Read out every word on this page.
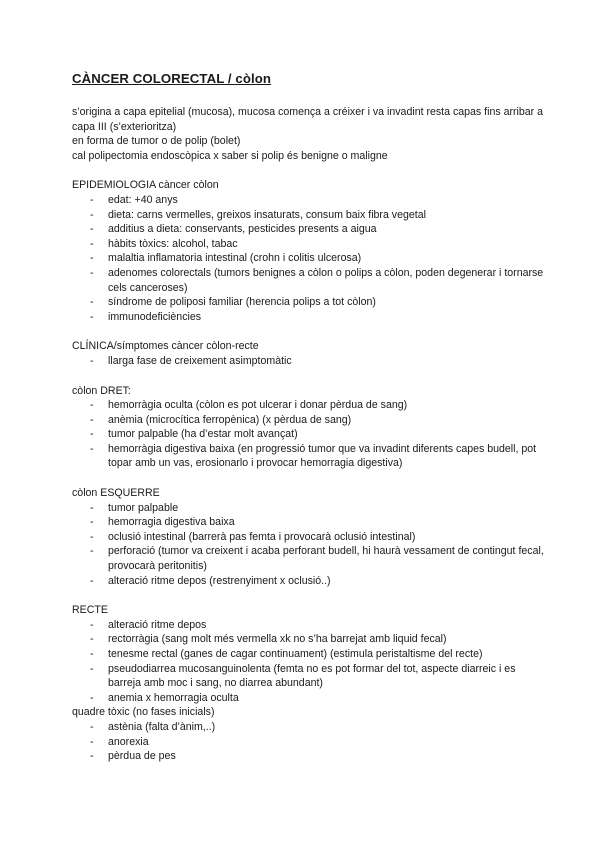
CÀNCER COLORECTAL / còlon

s’origina a capa epitelial (mucosa), mucosa comença a créixer i va invadint resta capas fins arribar a capa III (s’exterioritza)

en forma de tumor o de polip (bolet)

cal polipectomia endoscòpica x saber si polip és benigne o maligne

EPIDEMIOLOGIA càncer còlon

- edat: +40 anys
- dieta: carns vermelles, greixos insaturats, consum baix fibra vegetal
- additius a dieta: conservants, pesticides presents a aigua
- hàbits tòxics: alcohol, tabac
- malaltia inflamatoria intestinal (crohn i colitis ulcerosa)
- adenomes colorectals (tumors benignes a còlon o polips a còlon, poden degenerar i tornarse cels canceroses)
- síndrome de poliposi familiar (herencia polips a tot còlon)
- immunodeficiències

CLÍNICA/símptomes càncer còlon-recte

- llarga fase de creixement asimptomàtic

còlon DRET:

- hemorràgia oculta (còlon es pot ulcerar i donar pèrdua de sang)
- anèmia (microcítica ferropènica) (x pèrdua de sang)
- tumor palpable (ha d’estar molt avançat)
- hemorràgia digestiva baixa (en progressió tumor que va invadint diferents capes budell, pot topar amb un vas, erosionarlo i provocar hemorragia digestiva)

còlon ESQUERRE

- tumor palpable
- hemorragia digestiva baixa
- oclusió intestinal (barrerà pas femta i provocarà oclusió intestinal)
- perforació (tumor va creixent i acaba perforant budell, hi haurà vessament de contingut fecal, provocarà peritonitis)
- alteració ritme depos (restrenyiment x oclusió..)

RECTE

- alteració ritme depos
- rectorràgia (sang molt més vermella xk no s’ha barrejat amb liquid fecal)
- tenesme rectal (ganes de cagar continuament) (estimula peristaltisme del recte)
- pseudodiarrea mucosanguinolenta (femta no es pot formar del tot, aspecte diarreic i es barreja amb moc i sang, no diarrea abundant)
- anemia x hemorragia oculta

quadre tòxic (no fases inicials)

- astènia (falta d’ànim,..)
- anorexia
- pèrdua de pes
